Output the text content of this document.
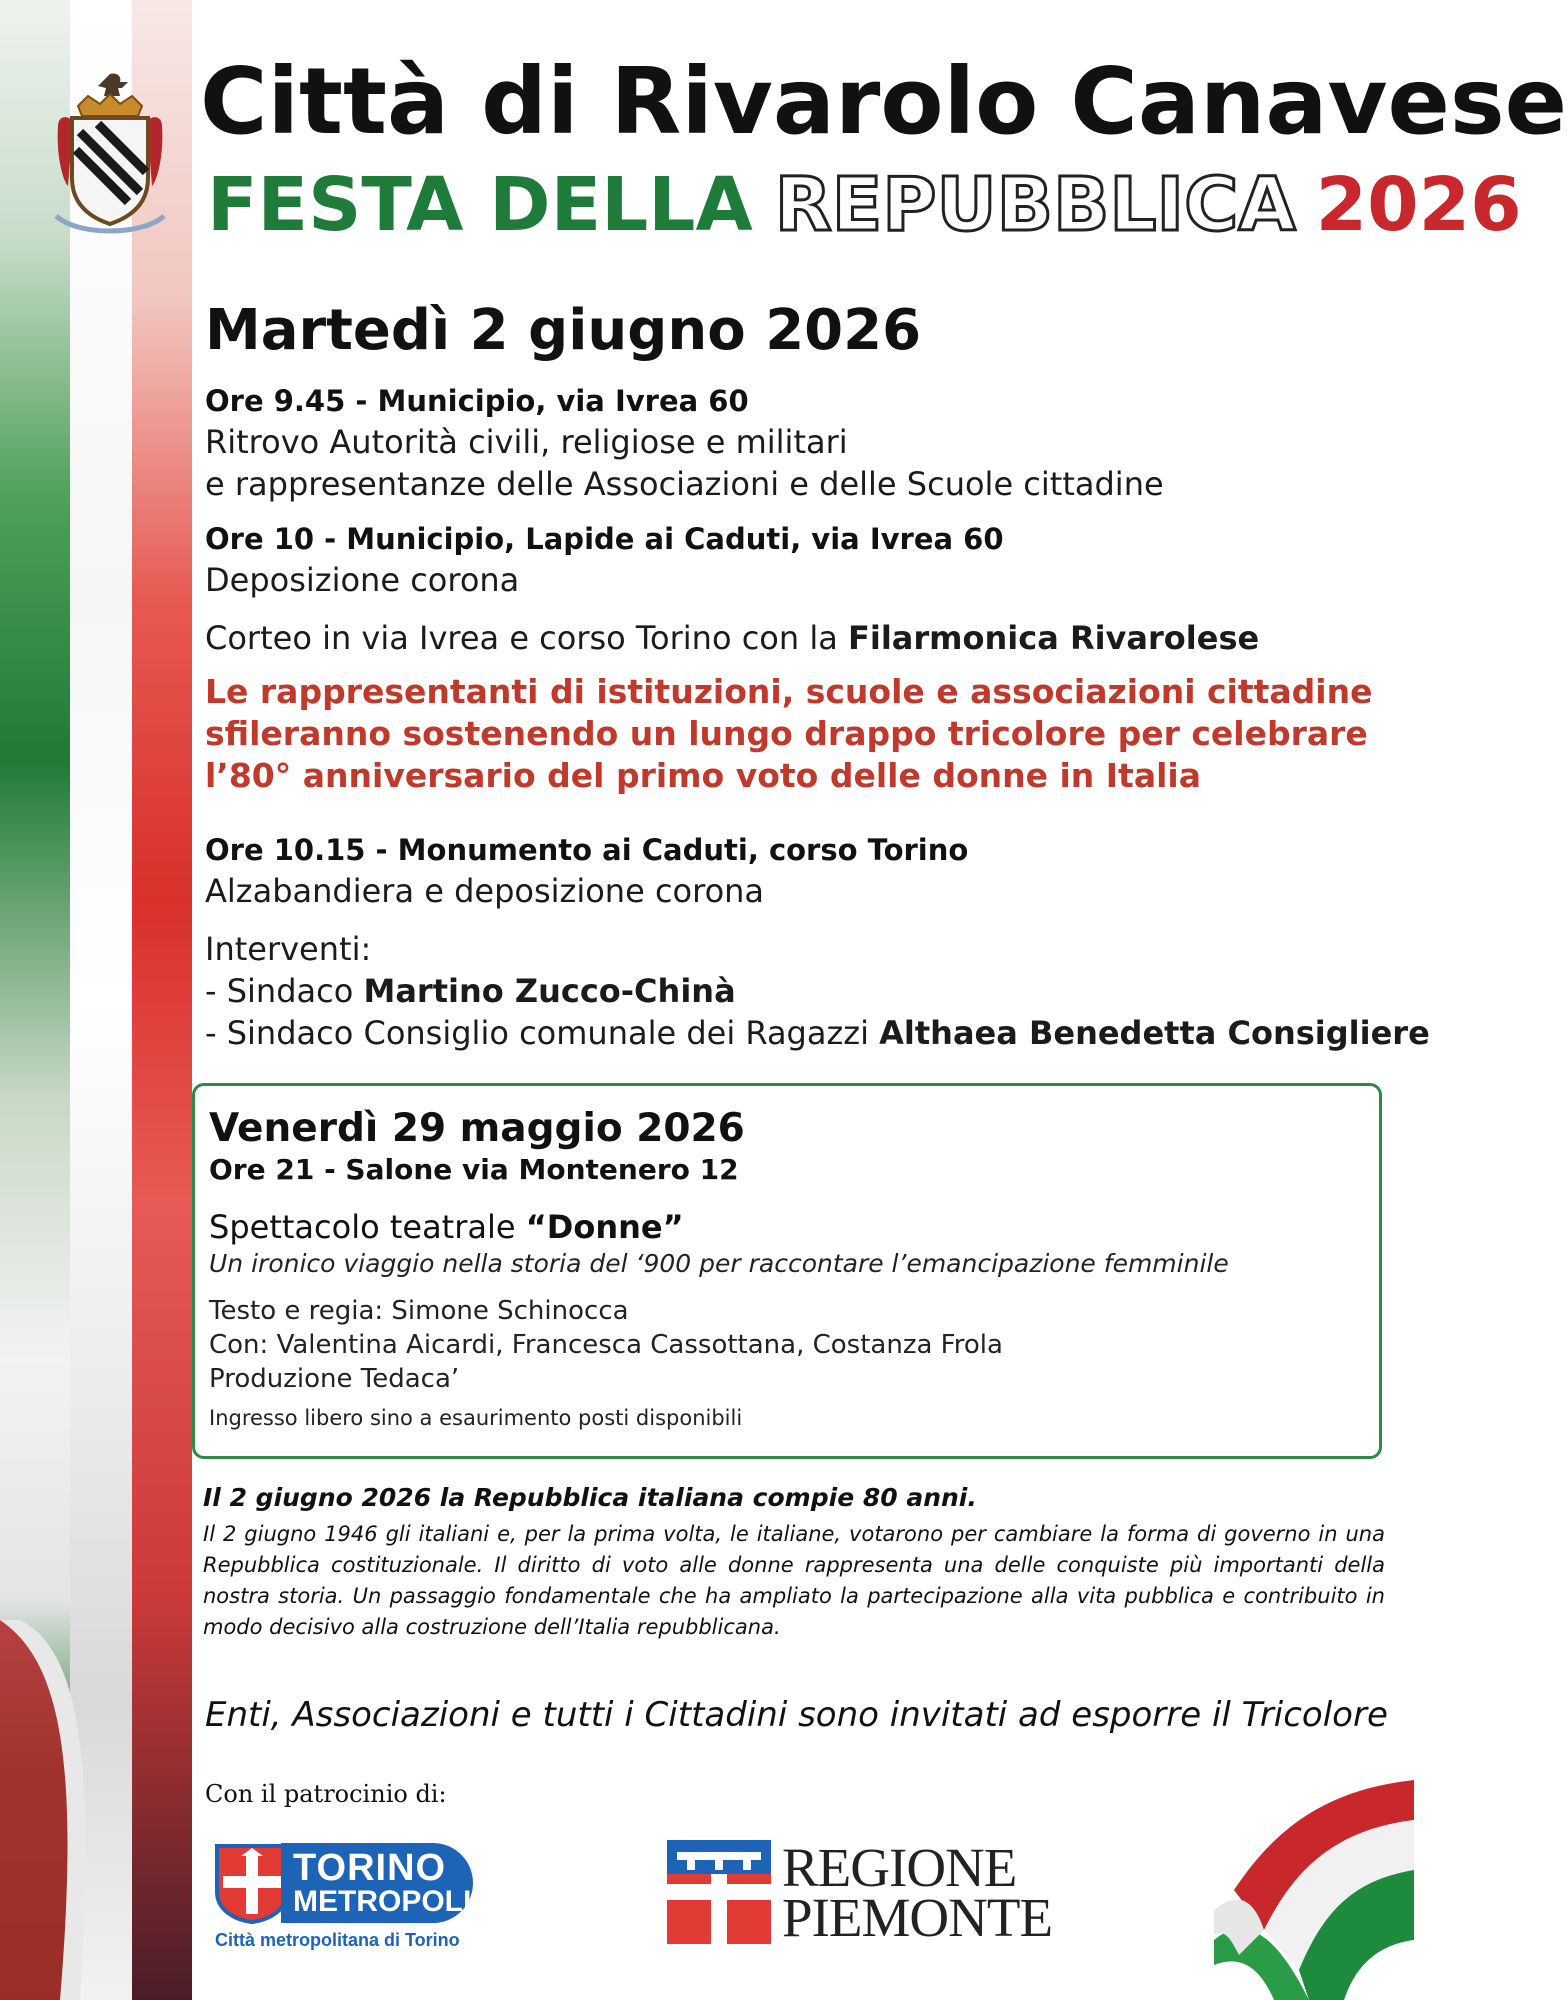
Città di Rivarolo Canavese
FESTA DELLA REPUBBLICA 2026
Martedì 2 giugno 2026
Ore 9.45 - Municipio, via Ivrea 60
Ritrovo Autorità civili, religiose e militari
e rappresentanze delle Associazioni e delle Scuole cittadine
Ore 10 - Municipio, Lapide ai Caduti, via Ivrea 60
Deposizione corona
Corteo in via Ivrea e corso Torino con la Filarmonica Rivarolese
Le rappresentanti di istituzioni, scuole e associazioni cittadine
sfileranno sostenendo un lungo drappo tricolore per celebrare
l’80° anniversario del primo voto delle donne in Italia
Ore 10.15 - Monumento ai Caduti, corso Torino
Alzabandiera e deposizione corona
Interventi:
- Sindaco Martino Zucco-Chinà
- Sindaco Consiglio comunale dei Ragazzi Althaea Benedetta Consigliere
Venerdì 29 maggio 2026
Ore 21 - Salone via Montenero 12
Spettacolo teatrale “Donne”
Un ironico viaggio nella storia del ‘900 per raccontare l’emancipazione femminile
Testo e regia: Simone Schinocca
Con: Valentina Aicardi, Francesca Cassottana, Costanza Frola
Produzione Tedaca’
Ingresso libero sino a esaurimento posti disponibili
Il 2 giugno 2026 la Repubblica italiana compie 80 anni.
Il 2 giugno 1946 gli italiani e, per la prima volta, le italiane, votarono per cambiare la forma di governo in una Repubblica costituzionale. Il diritto di voto alle donne rappresenta una delle conquiste più importanti della nostra storia. Un passaggio fondamentale che ha ampliato la partecipazione alla vita pubblica e contribuito in modo decisivo alla costruzione dell’Italia repubblicana.
Enti, Associazioni e tutti i Cittadini sono invitati ad esporre il Tricolore
Con il patrocinio di:
TORINO
METROPOLI
Città metropolitana di Torino
REGIONE
PIEMONTE
